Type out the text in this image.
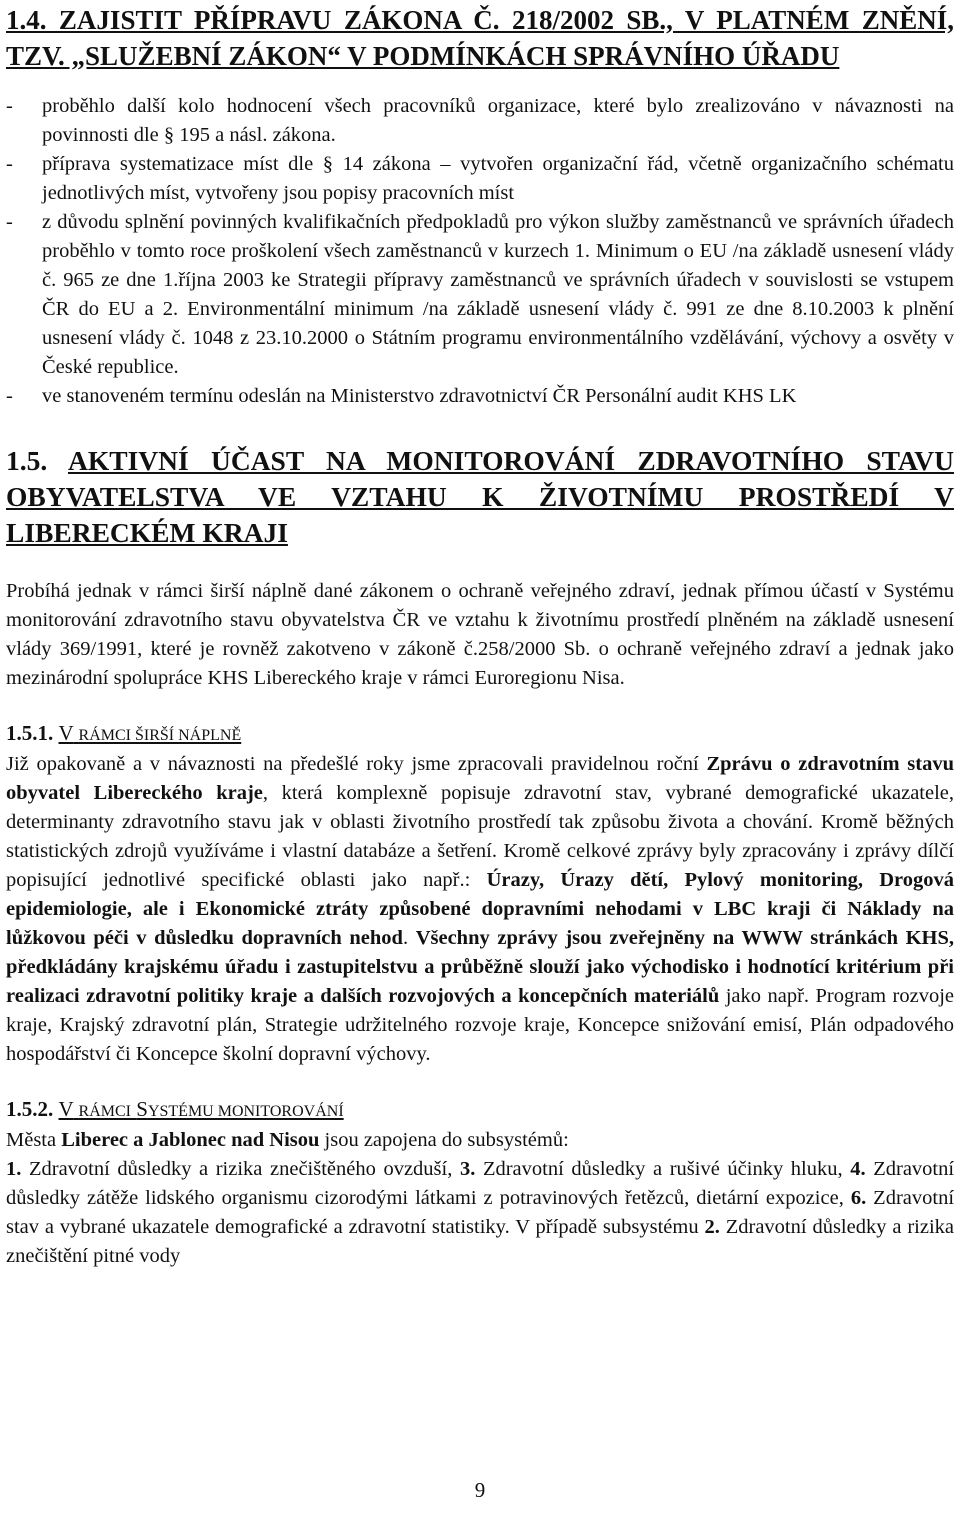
1.4. ZAJISTIT PŘÍPRAVU ZÁKONA Č. 218/2002 SB., V PLATNÉM ZNĚNÍ, TZV. „SLUŽEBNÍ ZÁKON“ V PODMÍNKÁCH SPRÁVNÍHO ÚŘADU
-	proběhlo další kolo hodnocení všech pracovníků organizace, které bylo zrealizováno v návaznosti na povinnosti dle § 195 a násl. zákona.
-	příprava systematizace míst dle § 14 zákona – vytvořen organizační řád, včetně organizačního schématu jednotlivých míst, vytvořeny jsou popisy pracovních míst
-	z důvodu splnění povinných kvalifikačních předpokladů pro výkon služby zaměstnanců ve správních úřadech proběhlo v tomto roce proškolení všech zaměstnanců v kurzech 1. Minimum o EU /na základě usnesení vlády č. 965 ze dne 1.října 2003 ke Strategii přípravy zaměstnanců ve správních úřadech v souvislosti se vstupem ČR do EU a 2. Environmentální minimum /na základě usnesení vlády č. 991 ze dne 8.10.2003 k plnění usnesení vlády č. 1048 z 23.10.2000 o Státním programu environmentálního vzdělávání, výchovy a osvěty v České republice.
-	ve stanoveném termínu odeslán na Ministerstvo zdravotnictví ČR Personální audit KHS LK
1.5. AKTIVNÍ ÚČAST NA MONITOROVÁNÍ ZDRAVOTNÍHO STAVU OBYVATELSTVA VE VZTAHU K ŽIVOTNÍMU PROSTŘEDÍ V LIBERECKÉM KRAJI
Probíhá jednak v rámci širší náplně dané zákonem o ochraně veřejného zdraví, jednak přímou účastí v Systému monitorování zdravotního stavu obyvatelstva ČR ve vztahu k životnímu prostředí plněném na základě usnesení vlády 369/1991, které je rovněž zakotveno v zákoně č.258/2000 Sb. o ochraně veřejného zdraví a jednak jako mezinárodní spolupráce KHS Libereckého kraje v rámci Euroregionu Nisa.
1.5.1. V RÁMCI ŠIRŠÍ NÁPLNĚ
Již opakovaně a v návaznosti na předešlé roky jsme zpracovali pravidelnou roční Zprávu o zdravotním stavu obyvatel Libereckého kraje, která komplexně popisuje zdravotní stav, vybrané demografické ukazatele, determinanty zdravotního stavu jak v oblasti životního prostředí tak způsobu života a chování. Kromě běžných statistických zdrojů využíváme i vlastní databáze a šetření. Kromě celkové zprávy byly zpracovány i zprávy dílčí popisující jednotlivé specifické oblasti jako např.: Úrazy, Úrazy dětí, Pylový monitoring, Drogová epidemiologie, ale i Ekonomické ztráty způsobené dopravními nehodami v LBC kraji či Náklady na lůžkovou péči v důsledku dopravních nehod. Všechny zprávy jsou zveřejněny na WWW stránkách KHS, předkládány krajskému úřadu i zastupitelstvu a průběžně slouží jako východisko i hodnotící kritérium při realizaci zdravotní politiky kraje a dalších rozvojových a koncepčních materiálů jako např. Program rozvoje kraje, Krajský zdravotní plán, Strategie udržitelného rozvoje kraje, Koncepce snižování emisí, Plán odpadového hospodářství či Koncepce školní dopravní výchovy.
1.5.2. V RÁMCI SYSTÉMU MONITOROVÁNÍ
Města Liberec a Jablonec nad Nisou jsou zapojena do subsystémů:
1. Zdravotní důsledky a rizika znečištěného ovzduší, 3. Zdravotní důsledky a rušivé účinky hluku, 4. Zdravotní důsledky zátěže lidského organismu cizorodými látkami z potravinových řetězců, dietární expozice, 6. Zdravotní stav a vybrané ukazatele demografické a zdravotní statistiky. V případě subsystému 2. Zdravotní důsledky a rizika znečištění pitné vody
9
